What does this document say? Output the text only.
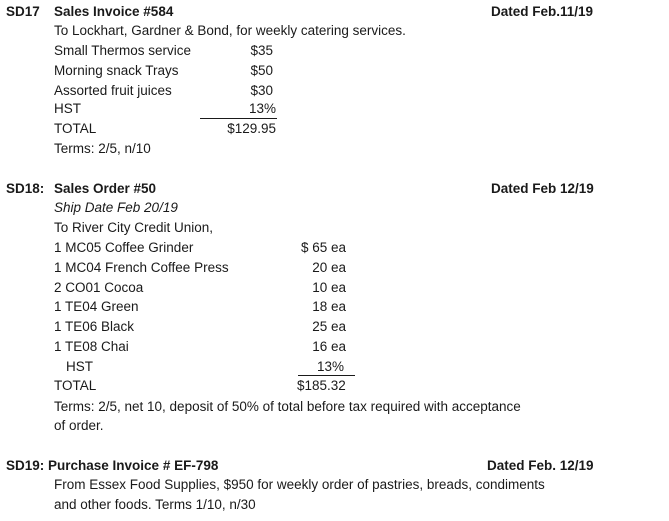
SD17 Sales Invoice #584	Dated Feb.11/19
To Lockhart, Gardner & Bond, for weekly catering services.
Small Thermos service	$35
Morning snack Trays	$50
Assorted fruit juices	$30
HST	13%
TOTAL	$129.95
Terms: 2/5, n/10
SD18: Sales Order #50	Dated Feb 12/19
Ship Date Feb 20/19
To River City Credit Union,
1 MC05 Coffee Grinder	$ 65 ea
1 MC04 French Coffee Press	20 ea
2 CO01 Cocoa	10 ea
1 TE04 Green	18 ea
1 TE06 Black	25 ea
1 TE08 Chai	16 ea
HST	13%
TOTAL	$185.32
Terms: 2/5, net 10, deposit of 50% of total before tax required with acceptance
of order.
SD19: Purchase Invoice # EF-798	Dated Feb. 12/19
From Essex Food Supplies, $950 for weekly order of pastries, breads, condiments
and other foods. Terms 1/10, n/30
